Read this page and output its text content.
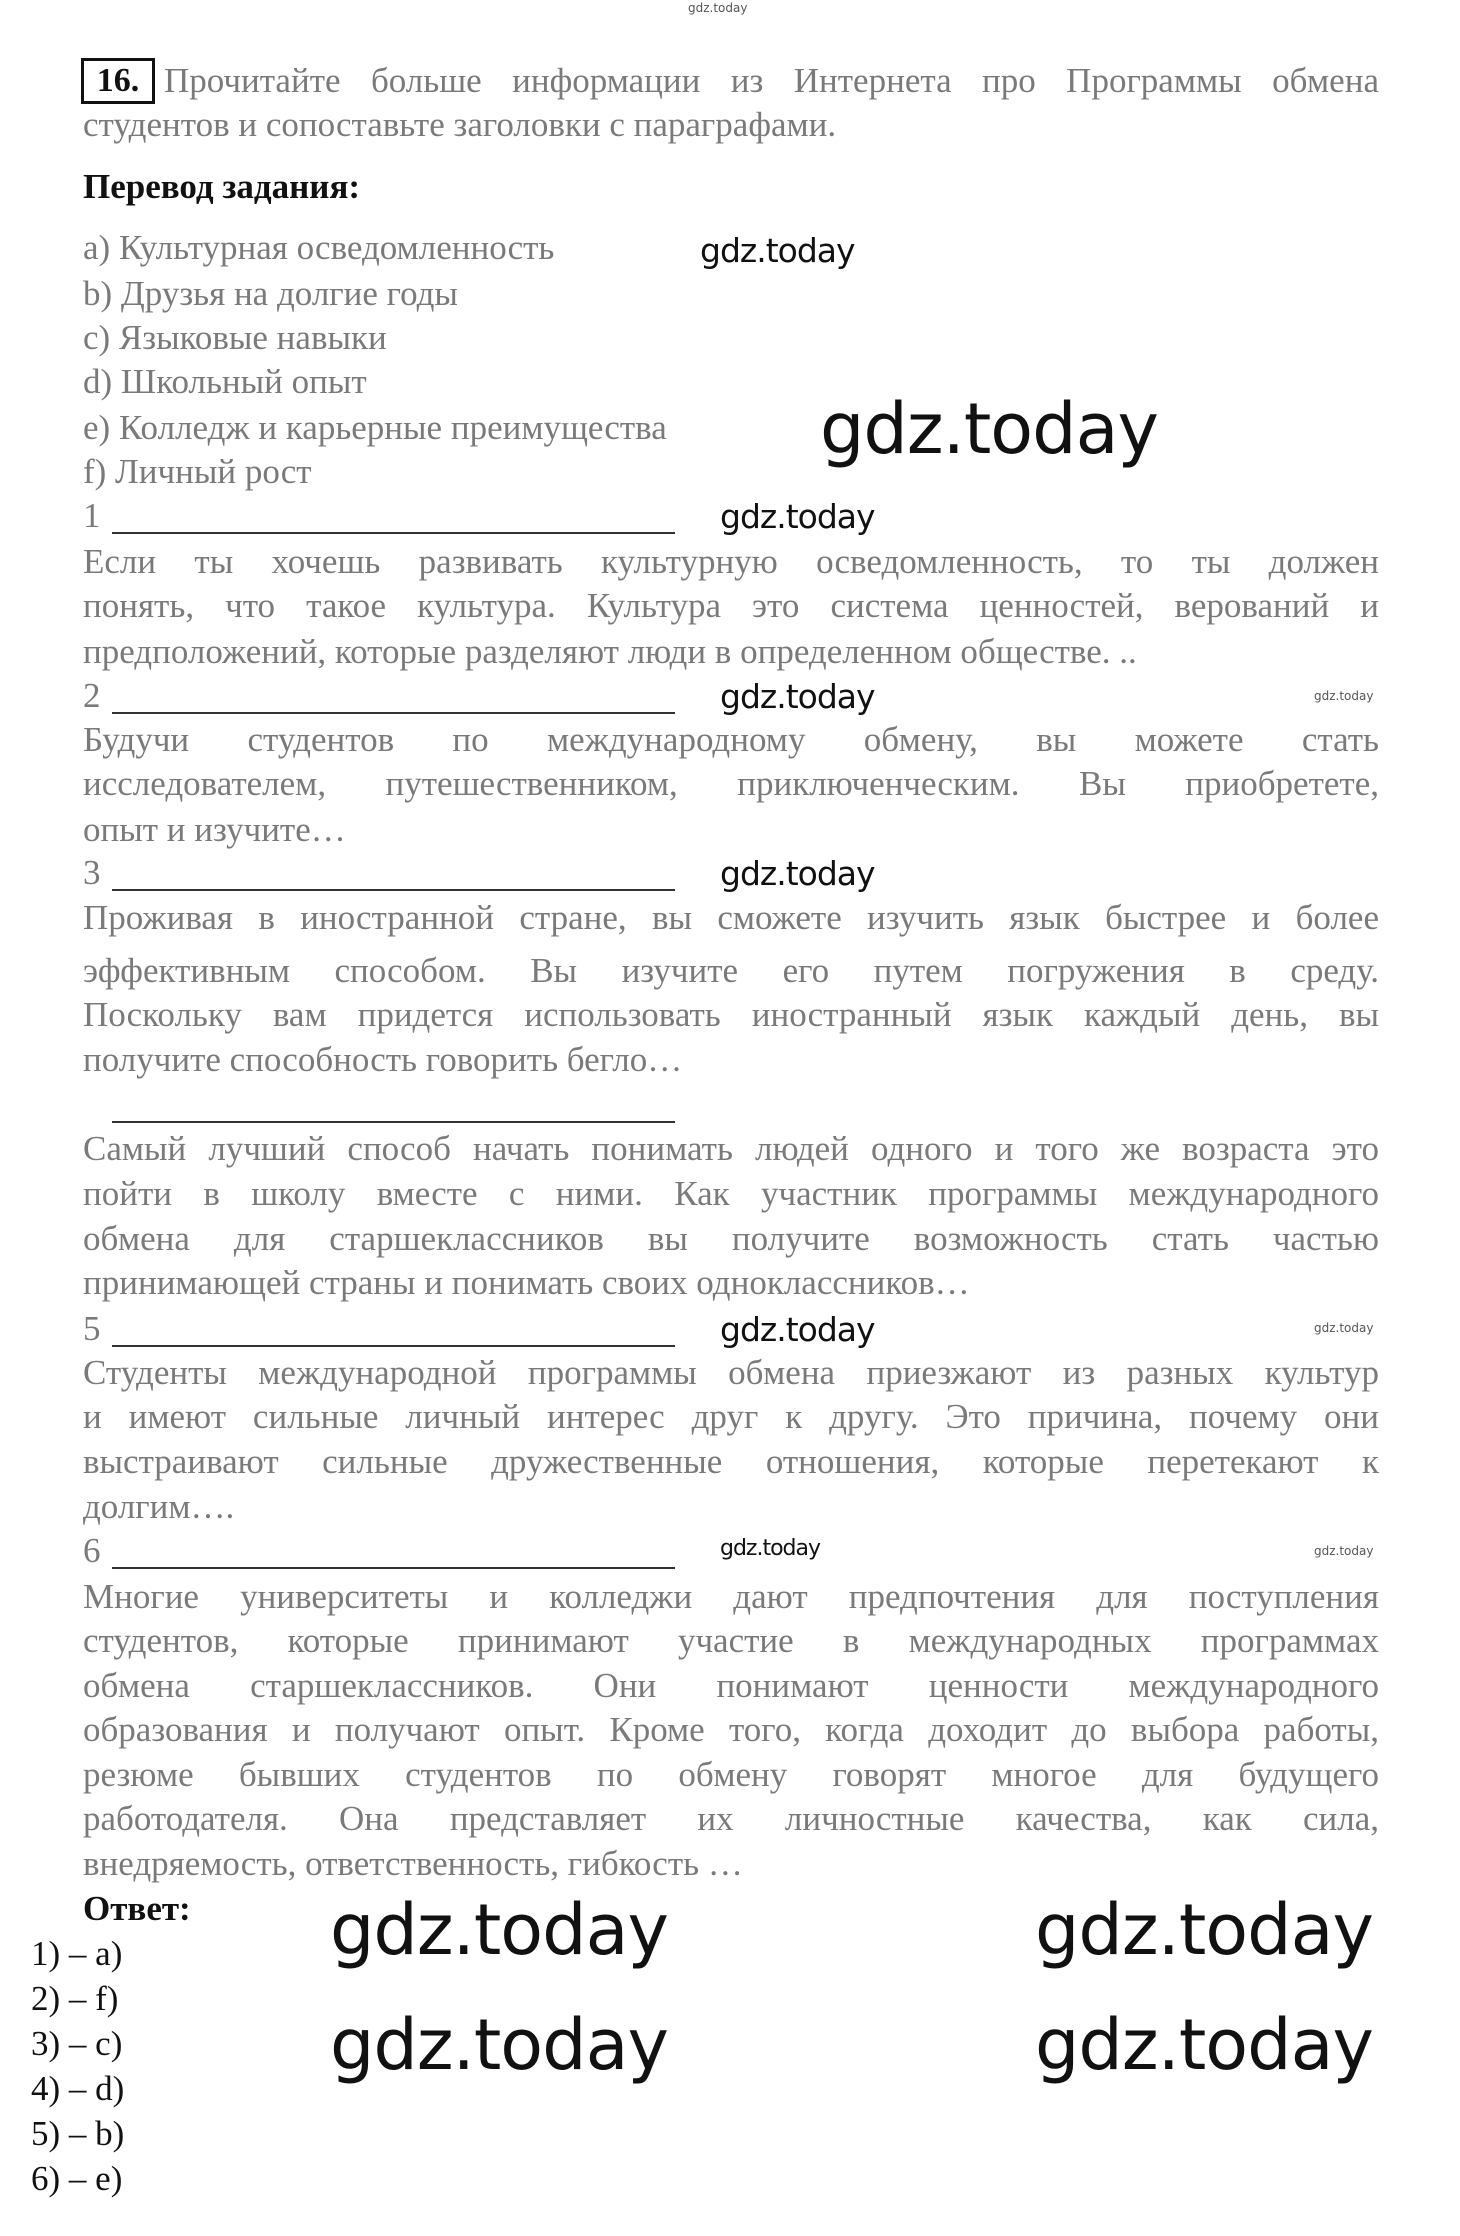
16. Прочитайте больше информации из Интернета про Программы обмена
студентов и сопоставьте заголовки с параграфами.
Перевод задания:
a) Культурная осведомленность
b) Друзья на долгие годы
c) Языковые навыки
d) Школьный опыт
e) Колледж и карьерные преимущества
f) Личный рост
1
Если ты хочешь развивать культурную осведомленность, то ты должен
понять, что такое культура. Культура это система ценностей, верований и
предположений, которые разделяют люди в определенном обществе. ..
2
Будучи студентов по международному обмену, вы можете стать
исследователем, путешественником, приключенческим. Вы приобретете,
опыт и изучите…
3
Проживая в иностранной стране, вы сможете изучить язык быстрее и более
эффективным способом. Вы изучите его путем погружения в среду.
Поскольку вам придется использовать иностранный язык каждый день, вы
получите способность говорить бегло…
Самый лучший способ начать понимать людей одного и того же возраста это
пойти в школу вместе с ними. Как участник программы международного
обмена для старшеклассников вы получите возможность стать частью
принимающей страны и понимать своих одноклассников…
5
Студенты международной программы обмена приезжают из разных культур
и имеют сильные личный интерес друг к другу. Это причина, почему они
выстраивают сильные дружественные отношения, которые перетекают к
долгим….
6
Многие университеты и колледжи дают предпочтения для поступления
студентов, которые принимают участие в международных программах
обмена старшеклассников. Они понимают ценности международного
образования и получают опыт. Кроме того, когда доходит до выбора работы,
резюме бывших студентов по обмену говорят многое для будущего
работодателя. Она представляет их личностные качества, как сила,
внедряемость, ответственность, гибкость …
Ответ:
1) – a)
2) – f)
3) – c)
4) – d)
5) – b)
6) – e)
gdz.today
gdz.today
gdz.today
gdz.today
gdz.today
gdz.today
gdz.today
gdz.today
gdz.today
gdz.today
gdz.today
gdz.today
gdz.today	gdz.today
gdz.today
